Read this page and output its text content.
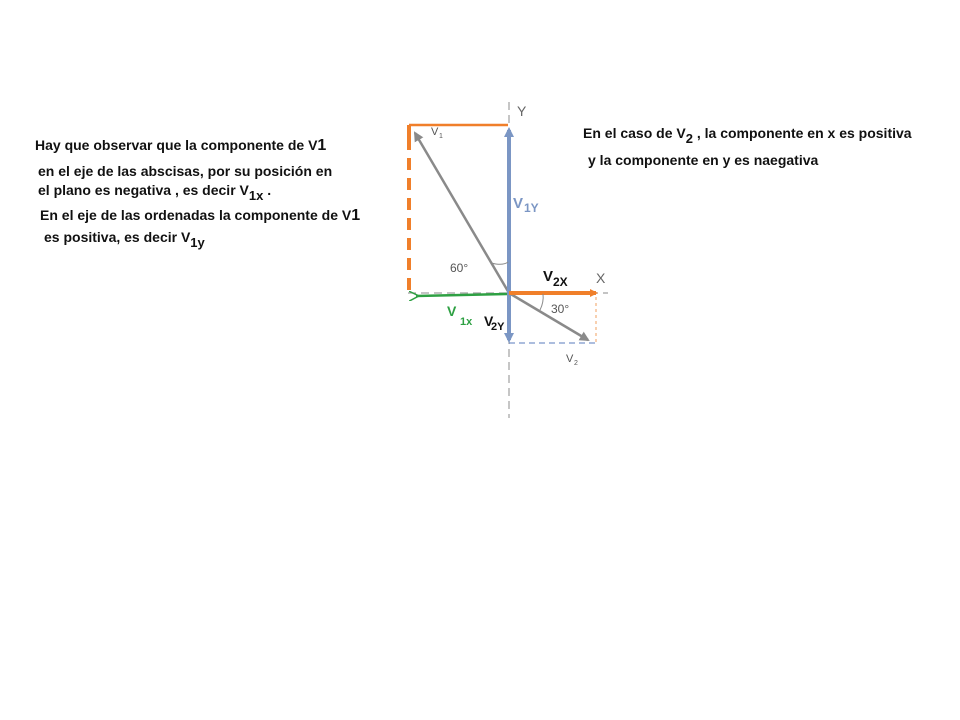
Hay que observar que la componente de V1
en el eje de las abscisas, por su posición en
el plano es negativa , es decir V1x .
En el eje de las ordenadas la componente de V1
es positiva, es decir V1y
En el caso de V2 , la componente en x es positiva
y la componente en y es naegativa
Y
X
60°
30°
V 1
V 2
V 1Y
V 2X
V
1x V
2Y
